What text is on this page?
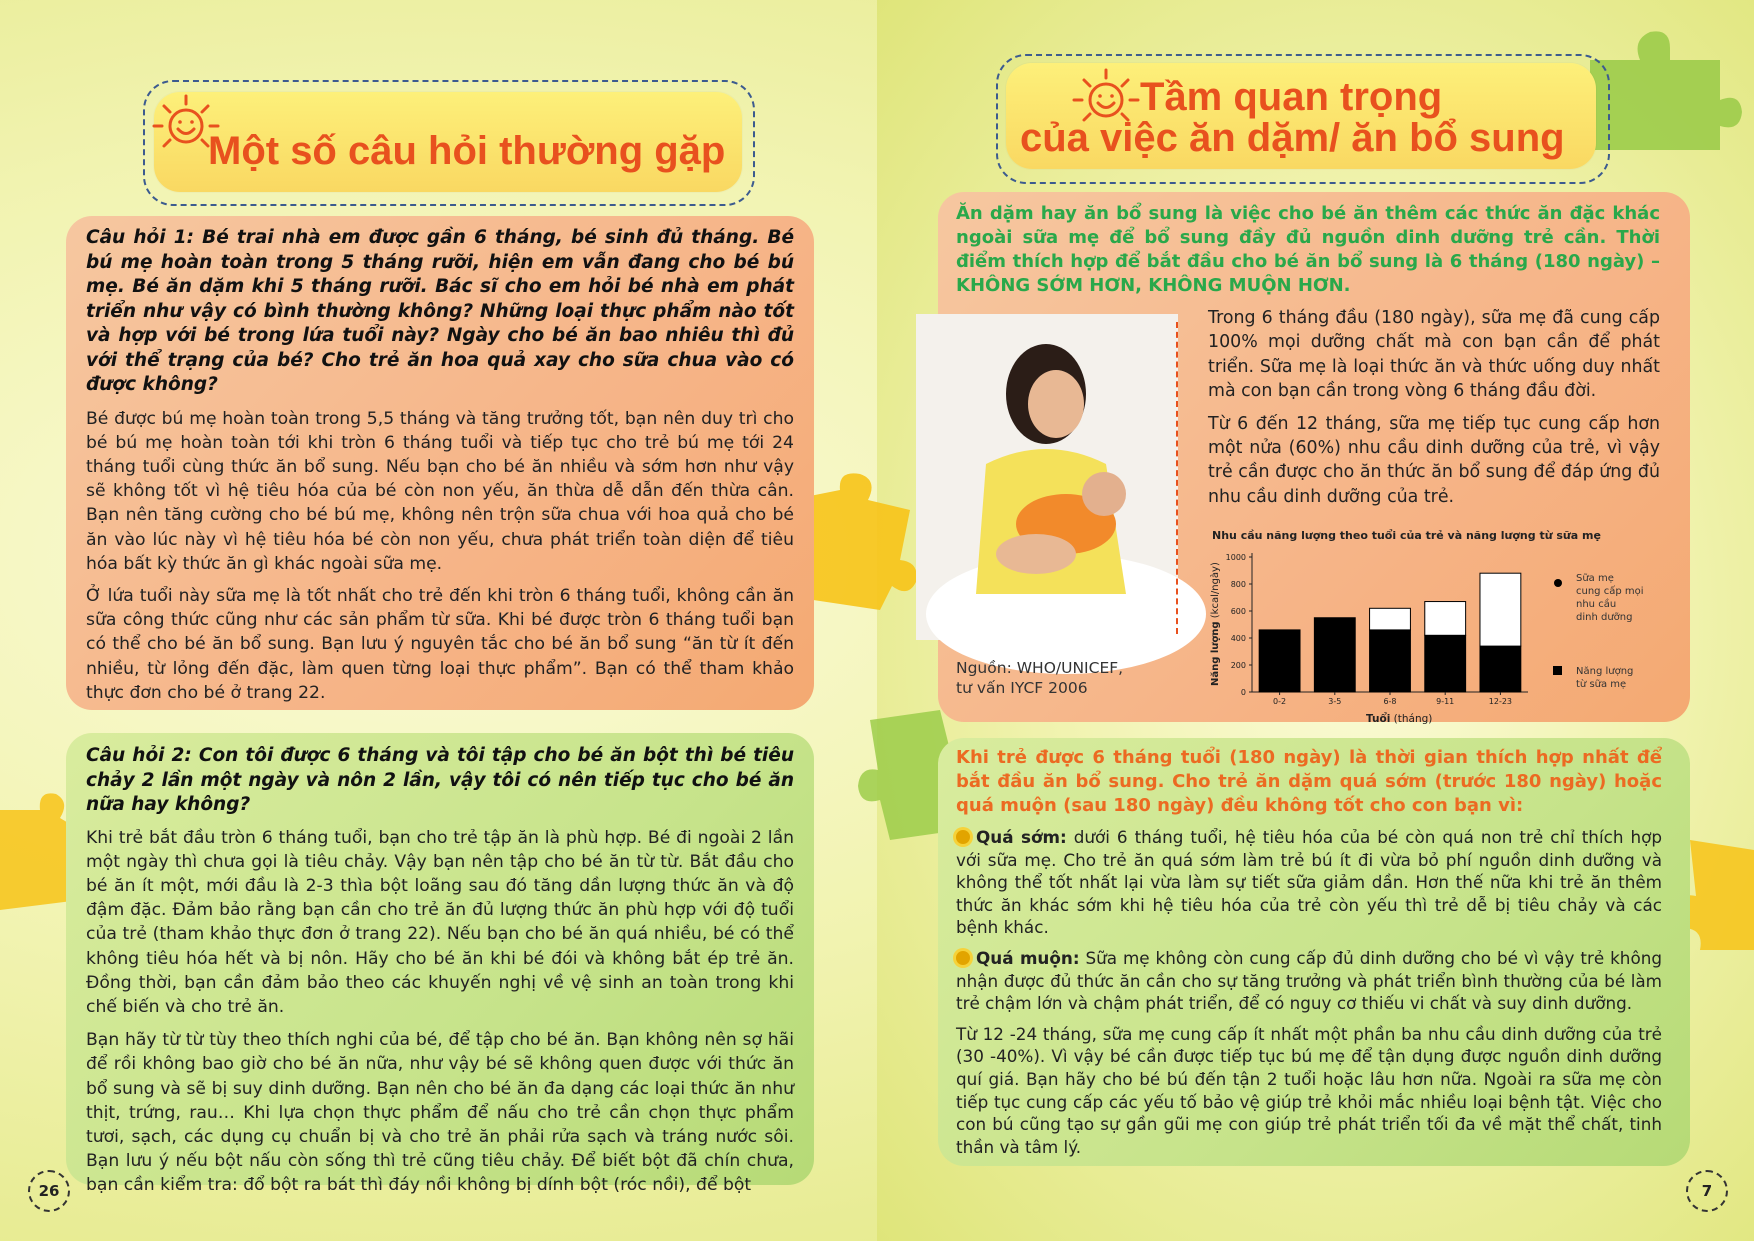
Một số câu hỏi thường gặp

Câu hỏi 1: Bé trai nhà em được gần 6 tháng, bé sinh đủ tháng. Bé bú mẹ hoàn toàn trong 5 tháng rưỡi, hiện em vẫn đang cho bé bú mẹ. Bé ăn dặm khi 5 tháng rưỡi. Bác sĩ cho em hỏi bé nhà em phát triển như vậy có bình thường không? Những loại thực phẩm nào tốt và hợp với bé trong lứa tuổi này? Ngày cho bé ăn bao nhiêu thì đủ với thể trạng của bé? Cho trẻ ăn hoa quả xay cho sữa chua vào có được không?

Bé được bú mẹ hoàn toàn trong 5,5 tháng và tăng trưởng tốt, bạn nên duy trì cho bé bú mẹ hoàn toàn tới khi tròn 6 tháng tuổi và tiếp tục cho trẻ bú mẹ tới 24 tháng tuổi cùng thức ăn bổ sung. Nếu bạn cho bé ăn nhiều và sớm hơn như vậy sẽ không tốt vì hệ tiêu hóa của bé còn non yếu, ăn thừa dễ dẫn đến thừa cân. Bạn nên tăng cường cho bé bú mẹ, không nên trộn sữa chua với hoa quả cho bé ăn vào lúc này vì hệ tiêu hóa bé còn non yếu, chưa phát triển toàn diện để tiêu hóa bất kỳ thức ăn gì khác ngoài sữa mẹ.

Ở lứa tuổi này sữa mẹ là tốt nhất cho trẻ đến khi tròn 6 tháng tuổi, không cần ăn sữa công thức cũng như các sản phẩm từ sữa. Khi bé được tròn 6 tháng tuổi bạn có thể cho bé ăn bổ sung. Bạn lưu ý nguyên tắc cho bé ăn bổ sung “ăn từ ít đến nhiều, từ lỏng đến đặc, làm quen từng loại thực phẩm”. Bạn có thể tham khảo thực đơn cho bé ở trang 22.

Câu hỏi 2: Con tôi được 6 tháng và tôi tập cho bé ăn bột thì bé tiêu chảy 2 lần một ngày và nôn 2 lần, vậy tôi có nên tiếp tục cho bé ăn nữa hay không?

Khi trẻ bắt đầu tròn 6 tháng tuổi, bạn cho trẻ tập ăn là phù hợp. Bé đi ngoài 2 lần một ngày thì chưa gọi là tiêu chảy. Vậy bạn nên tập cho bé ăn từ từ. Bắt đầu cho bé ăn ít một, mới đầu là 2-3 thìa bột loãng sau đó tăng dần lượng thức ăn và độ đậm đặc. Đảm bảo rằng bạn cần cho trẻ ăn đủ lượng thức ăn phù hợp với độ tuổi của trẻ (tham khảo thực đơn ở trang 22). Nếu bạn cho bé ăn quá nhiều, bé có thể không tiêu hóa hết và bị nôn. Hãy cho bé ăn khi bé đói và không bắt ép trẻ ăn. Đồng thời, bạn cần đảm bảo theo các khuyến nghị về vệ sinh an toàn trong khi chế biến và cho trẻ ăn.

Bạn hãy từ từ tùy theo thích nghi của bé, để tập cho bé ăn. Bạn không nên sợ hãi để rồi không bao giờ cho bé ăn nữa, như vậy bé sẽ không quen được với thức ăn bổ sung và sẽ bị suy dinh dưỡng. Bạn nên cho bé ăn đa dạng các loại thức ăn như thịt, trứng, rau… Khi lựa chọn thực phẩm để nấu cho trẻ cần chọn thực phẩm tươi, sạch, các dụng cụ chuẩn bị và cho trẻ ăn phải rửa sạch và tráng nước sôi. Bạn lưu ý nếu bột nấu còn sống thì trẻ cũng tiêu chảy. Để biết bột đã chín chưa, bạn cần kiểm tra: đổ bột ra bát thì đáy nồi không bị dính bột (róc nồi), để bột

26
Tầm quan trọng
của việc ăn dặm/ ăn bổ sung

Ăn dặm hay ăn bổ sung là việc cho bé ăn thêm các thức ăn đặc khác ngoài sữa mẹ để bổ sung đầy đủ nguồn dinh dưỡng trẻ cần. Thời điểm thích hợp để bắt đầu cho bé ăn bổ sung là 6 tháng (180 ngày) – KHÔNG SỚM HƠN, KHÔNG MUỘN HƠN.

Nguồn: WHO/UNICEF,
tư vấn IYCF 2006

Trong 6 tháng đầu (180 ngày), sữa mẹ đã cung cấp 100% mọi dưỡng chất mà con bạn cần để phát triển. Sữa mẹ là loại thức ăn và thức uống duy nhất mà con bạn cần trong vòng 6 tháng đầu đời.

Từ 6 đến 12 tháng, sữa mẹ tiếp tục cung cấp hơn một nửa (60%) nhu cầu dinh dưỡng của trẻ, vì vậy trẻ cần được cho ăn thức ăn bổ sung để đáp ứng đủ nhu cầu dinh dưỡng của trẻ.

Nhu cầu năng lượng theo tuổi của trẻ và năng lượng từ sữa mẹ
Năng lượng (kcal/ngày)
Tuổi (tháng)
0
200
400
600
800
1000
0-2	3-5	6-8	9-11	12-23
Sữa mẹ cung cấp mọi nhu cầu dinh dưỡng
Năng lượng từ sữa mẹ

Khi trẻ được 6 tháng tuổi (180 ngày) là thời gian thích hợp nhất để bắt đầu ăn bổ sung. Cho trẻ ăn dặm quá sớm (trước 180 ngày) hoặc quá muộn (sau 180 ngày) đều không tốt cho con bạn vì:

Quá sớm: dưới 6 tháng tuổi, hệ tiêu hóa của bé còn quá non trẻ chỉ thích hợp với sữa mẹ. Cho trẻ ăn quá sớm làm trẻ bú ít đi vừa bỏ phí nguồn dinh dưỡng và không thể tốt nhất lại vừa làm sự tiết sữa giảm dần. Hơn thế nữa khi trẻ ăn thêm thức ăn khác sớm khi hệ tiêu hóa của trẻ còn yếu thì trẻ dễ bị tiêu chảy và các bệnh khác.

Quá muộn: Sữa mẹ không còn cung cấp đủ dinh dưỡng cho bé vì vậy trẻ không nhận được đủ thức ăn cần cho sự tăng trưởng và phát triển bình thường của bé làm trẻ chậm lớn và chậm phát triển, để có nguy cơ thiếu vi chất và suy dinh dưỡng.

Từ 12 -24 tháng, sữa mẹ cung cấp ít nhất một phần ba nhu cầu dinh dưỡng của trẻ (30 -40%). Vì vậy bé cần được tiếp tục bú mẹ để tận dụng được nguồn dinh dưỡng quí giá. Bạn hãy cho bé bú đến tận 2 tuổi hoặc lâu hơn nữa. Ngoài ra sữa mẹ còn tiếp tục cung cấp các yếu tố bảo vệ giúp trẻ khỏi mắc nhiều loại bệnh tật. Việc cho con bú cũng tạo sự gần gũi mẹ con giúp trẻ phát triển tối đa về mặt thể chất, tinh thần và tâm lý.

7
